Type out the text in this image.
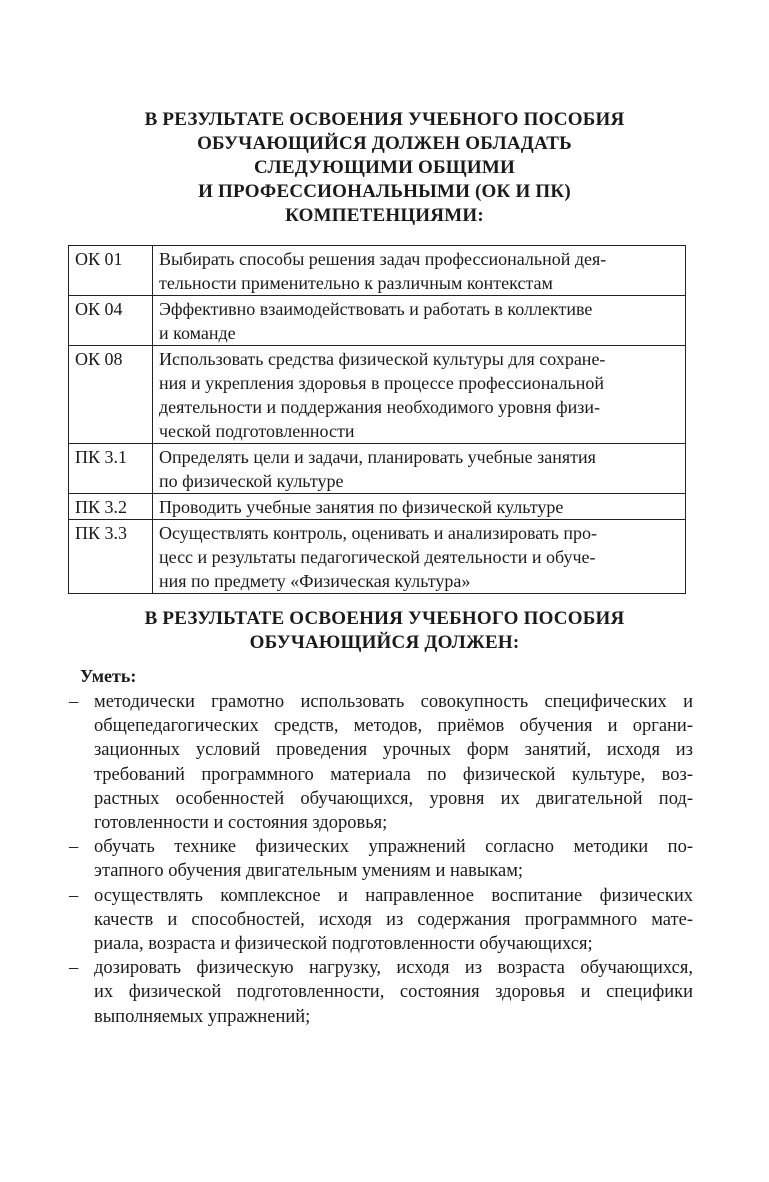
В РЕЗУЛЬТАТЕ ОСВОЕНИЯ УЧЕБНОГО ПОСОБИЯ
ОБУЧАЮЩИЙСЯ ДОЛЖЕН ОБЛАДАТЬ
СЛЕДУЮЩИМИ ОБЩИМИ
И ПРОФЕССИОНАЛЬНЫМИ (ОК И ПК)
КОМПЕТЕНЦИЯМИ:
ОК 01	Выбирать способы решения задач профессиональной дея-
тельности применительно к различным контекстам

ОК 04	Эффективно взаимодействовать и работать в коллективе
и команде

ОК 08	Использовать средства физической культуры для сохране-
ния и укрепления здоровья в процессе профессиональной
деятельности и поддержания необходимого уровня физи-
ческой подготовленности

ПК 3.1	Определять цели и задачи, планировать учебные занятия
по физической культуре

ПК 3.2	Проводить учебные занятия по физической культуре

ПК 3.3	Осуществлять контроль, оценивать и анализировать про-
цесс и результаты педагогической деятельности и обуче-
ния по предмету «Физическая культура»
В РЕЗУЛЬТАТЕ ОСВОЕНИЯ УЧЕБНОГО ПОСОБИЯ
ОБУЧАЮЩИЙСЯ ДОЛЖЕН:
Уметь:
– методически грамотно использовать совокупность специфических и
общепедагогических средств, методов, приёмов обучения и органи-
зационных условий проведения урочных форм занятий, исходя из
требований программного материала по физической культуре, воз-
растных особенностей обучающихся, уровня их двигательной под-
готовленности и состояния здоровья;
– обучать технике физических упражнений согласно методики по-
этапного обучения двигательным умениям и навыкам;
– осуществлять комплексное и направленное воспитание физических
качеств и способностей, исходя из содержания программного мате-
риала, возраста и физической подготовленности обучающихся;
– дозировать физическую нагрузку, исходя из возраста обучающихся,
их физической подготовленности, состояния здоровья и специфики
выполняемых упражнений;
